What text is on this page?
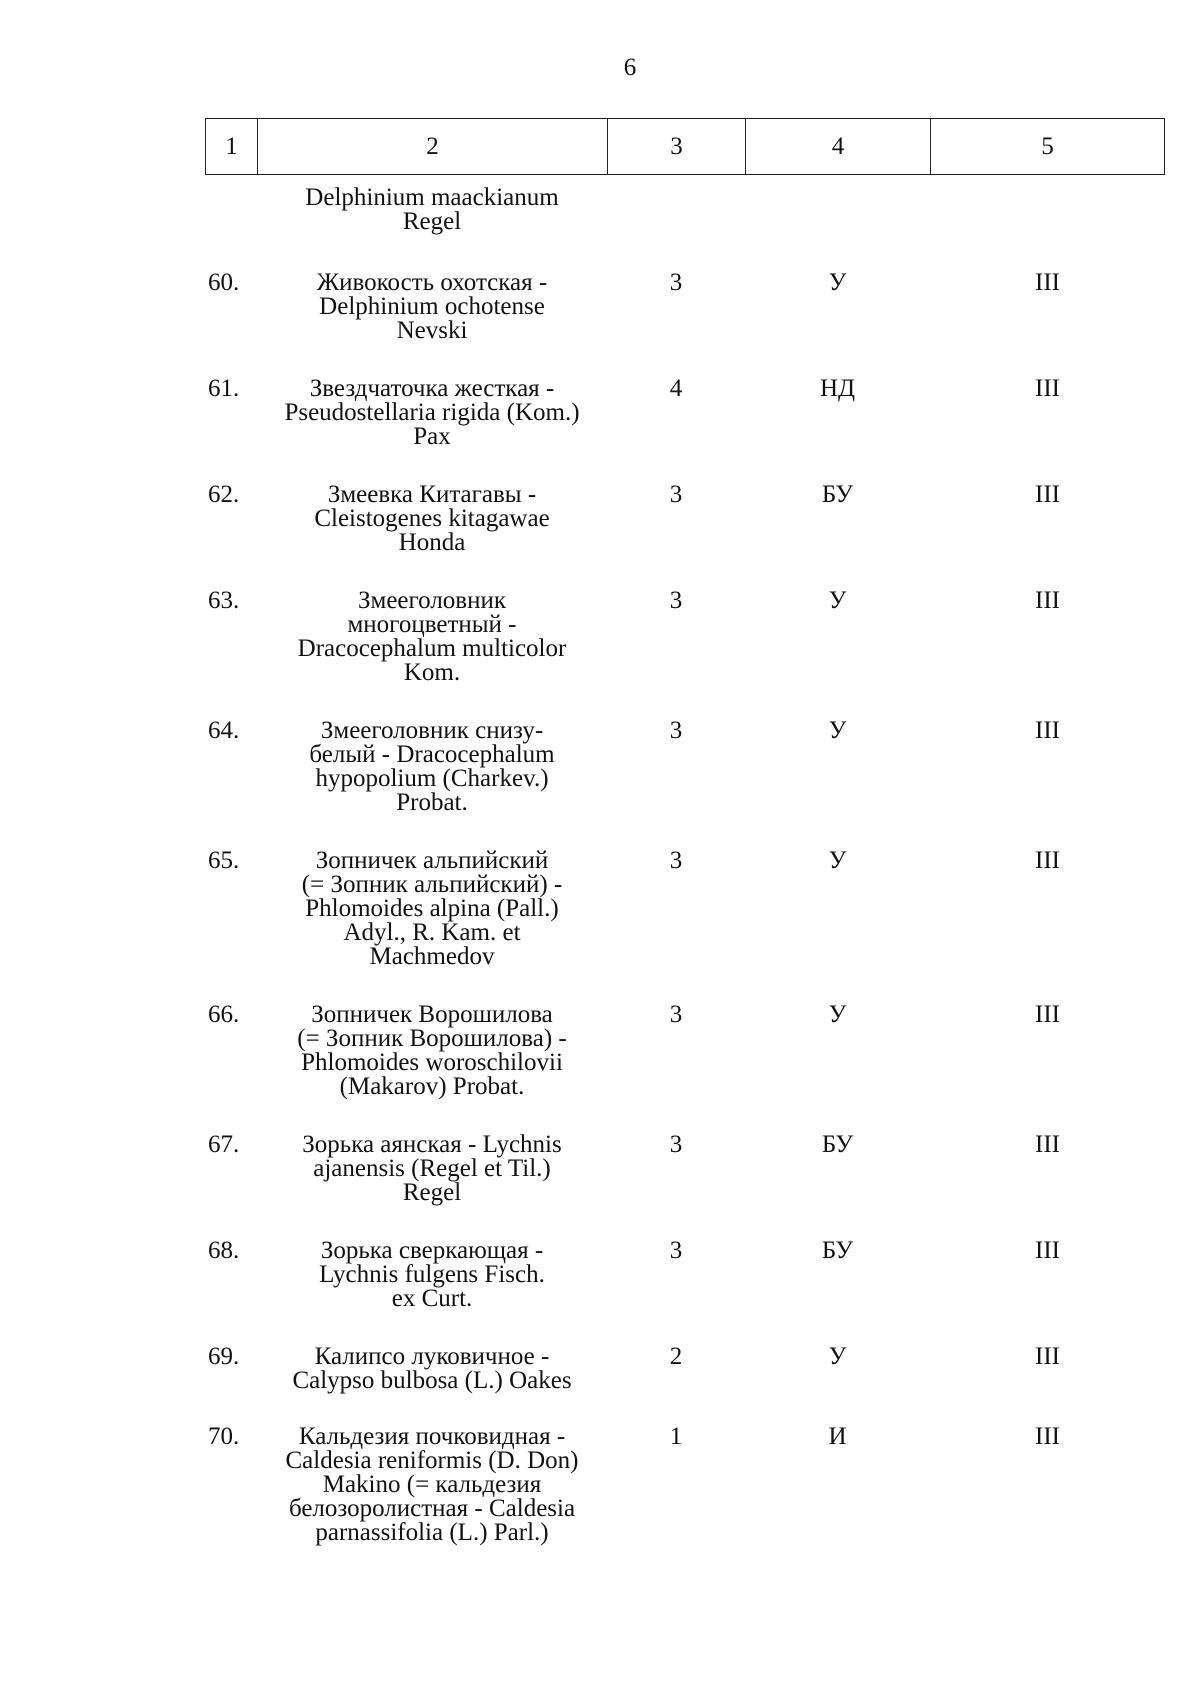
6
1	2	3	4	5
Delphinium maackianum
Regel
60.	Живокость охотская -
Delphinium ochotense
Nevski
3	У	III
61.	Звездчаточка жесткая -
Pseudostellaria rigida (Kom.)
Pax
4	НД	III
62.	Змеевка Китагавы -
Cleistogenes kitagawae
Honda
3	БУ	III
63.	Змееголовник
многоцветный -
Dracocephalum multicolor
Kom.
3	У	III
64.	Змееголовник снизу-
белый - Dracocephalum
hypopolium (Charkev.)
Probat.
3	У	III
65.	Зопничек альпийский
(= Зопник альпийский) -
Phlomoides alpina (Pall.)
Adyl., R. Kam. et
Machmedov
3	У	III
66.	Зопничек Ворошилова
(= Зопник Ворошилова) -
Phlomoides woroschilovii
(Makarov) Probat.
3	У	III
67.	Зорька аянская - Lychnis
ajanensis (Regel et Til.)
Regel
3	БУ	III
68.	Зорька сверкающая -
Lychnis fulgens Fisch.
ex Curt.
3	БУ	III
69.	Калипсо луковичное -
Calypso bulbosa (L.) Oakes
2	У	III
70.	Кальдезия почковидная -
Caldesia reniformis (D. Don)
Makino (= кальдезия
белозоролистная - Caldesia
parnassifolia (L.) Parl.)
1	И	III
